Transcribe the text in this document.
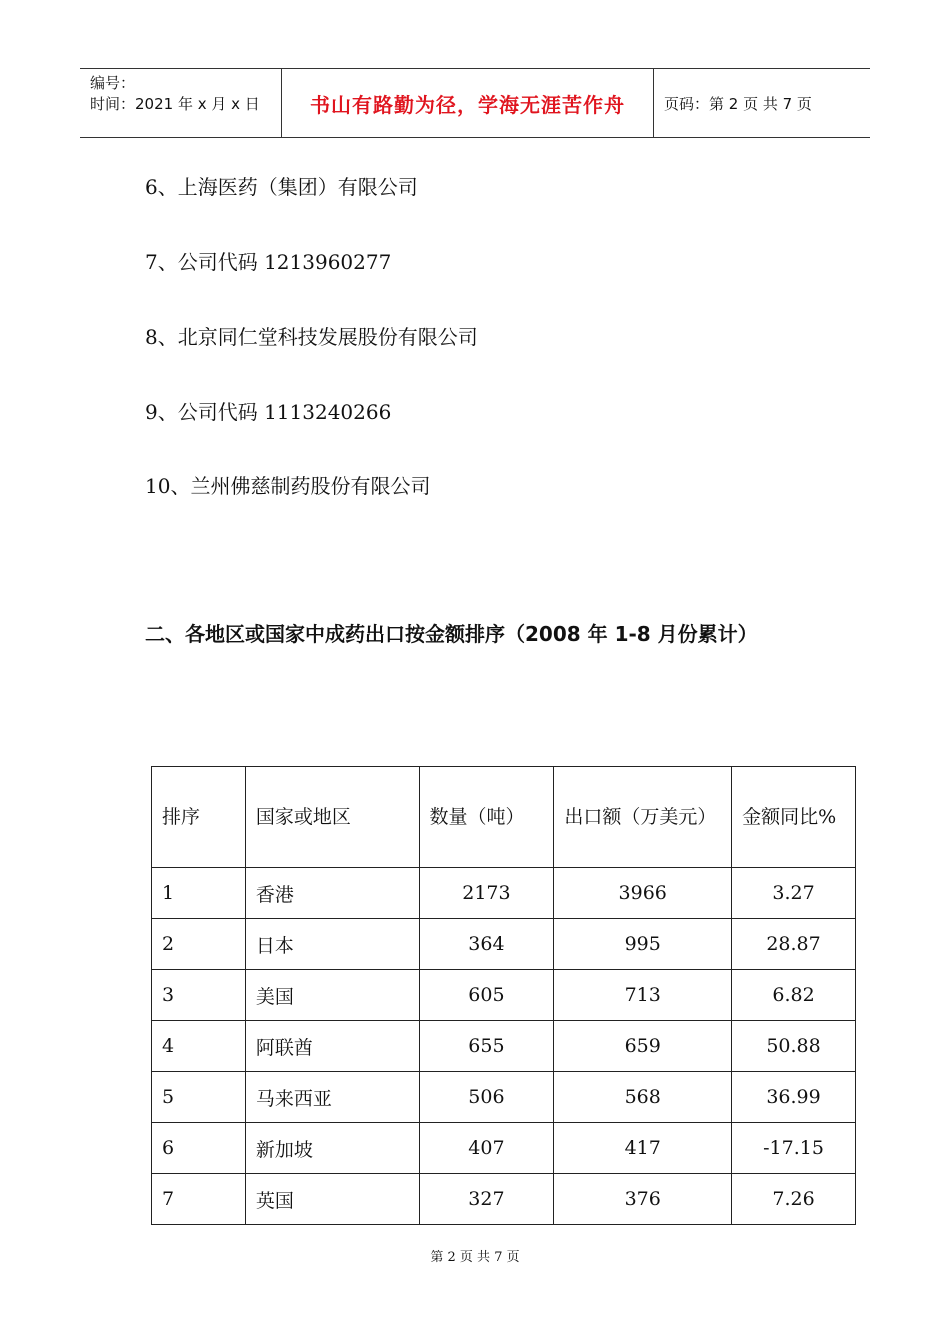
编号：
时间：2021 年 x 月 x 日	书山有路勤为径，学海无涯苦作舟	页码：第 2 页 共 7 页
6、上海医药（集团）有限公司
7、公司代码 1213960277
8、北京同仁堂科技发展股份有限公司
9、公司代码 1113240266
10、兰州佛慈制药股份有限公司
二、各地区或国家中成药出口按金额排序（2008 年 1-8 月份累计）
排序	国家或地区	数量（吨）	出口额（万美元）	金额同比%
1	香港	2173	3966	3.27
2	日本	364	995	28.87
3	美国	605	713	6.82
4	阿联酋	655	659	50.88
5	马来西亚	506	568	36.99
6	新加坡	407	417	-17.15
7	英国	327	376	7.26
第 2 页 共 7 页
